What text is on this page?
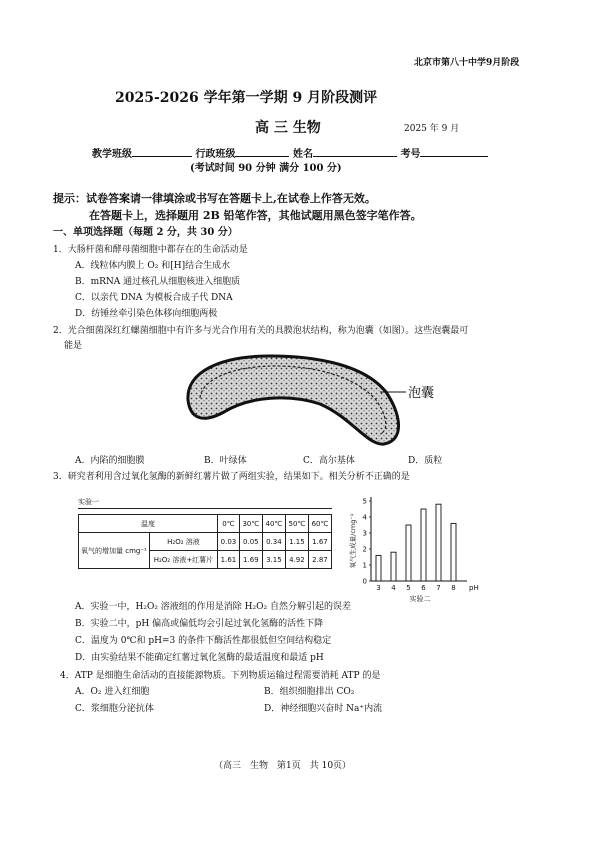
北京市第八十中学9月阶段
2025-2026 学年第一学期 9 月阶段测评
高 三 生物	2025 年 9 月
教学班级	行政班级	姓名	考号
(考试时间 90 分钟 满分 100 分)
提示：试卷答案请一律填涂或书写在答题卡上,在试卷上作答无效。
在答题卡上，选择题用 2B 铅笔作答，其他试题用黑色签字笔作答。
一、单项选择题（每题 2 分，共 30 分）
1．大肠杆菌和酵母菌细胞中都存在的生命活动是
A．线粒体内膜上 O₂ 和[H]结合生成水
B．mRNA 通过核孔从细胞核进入细胞质
C．以亲代 DNA 为模板合成子代 DNA
D．纺锤丝牵引染色体移向细胞两极
2．光合细菌深红红螺菌细胞中有许多与光合作用有关的具膜泡状结构，称为泡囊（如图）。这些泡囊最可
能是
泡囊
A．内陷的细胞膜	B．叶绿体	C．高尔基体	D．质粒
3．研究者利用含过氧化氢酶的新鲜红薯片做了两组实验，结果如下。相关分析不正确的是
实验一
温度		0℃	30℃	40℃	50℃	60℃
氧气的增加量 cmg⁻¹	H₂O₂ 溶液	0.03	0.05	0.34	1.15	1.67
	H₂O₂ 溶液+红薯片	1.61	1.69	3.15	4.92	2.87
0
1
2
3
4
5
3 4 5 6 7 8 pH
实验二
氧气生成量/cmg⁻¹
A．实验一中，H₂O₂ 溶液组的作用是消除 H₂O₂ 自然分解引起的误差
B．实验二中，pH 偏高或偏低均会引起过氧化氢酶的活性下降
C．温度为 0℃和 pH=3 的条件下酶活性都很低但空间结构稳定
D．由实验结果不能确定红薯过氧化氢酶的最适温度和最适 pH
4．ATP 是细胞生命活动的直接能源物质。下列物质运输过程需要消耗 ATP 的是
A．O₂ 进入红细胞	B．组织细胞排出 CO₂
C．浆细胞分泌抗体	D．神经细胞兴奋时 Na⁺内流
（高三　生物　第1页　共 10页）
